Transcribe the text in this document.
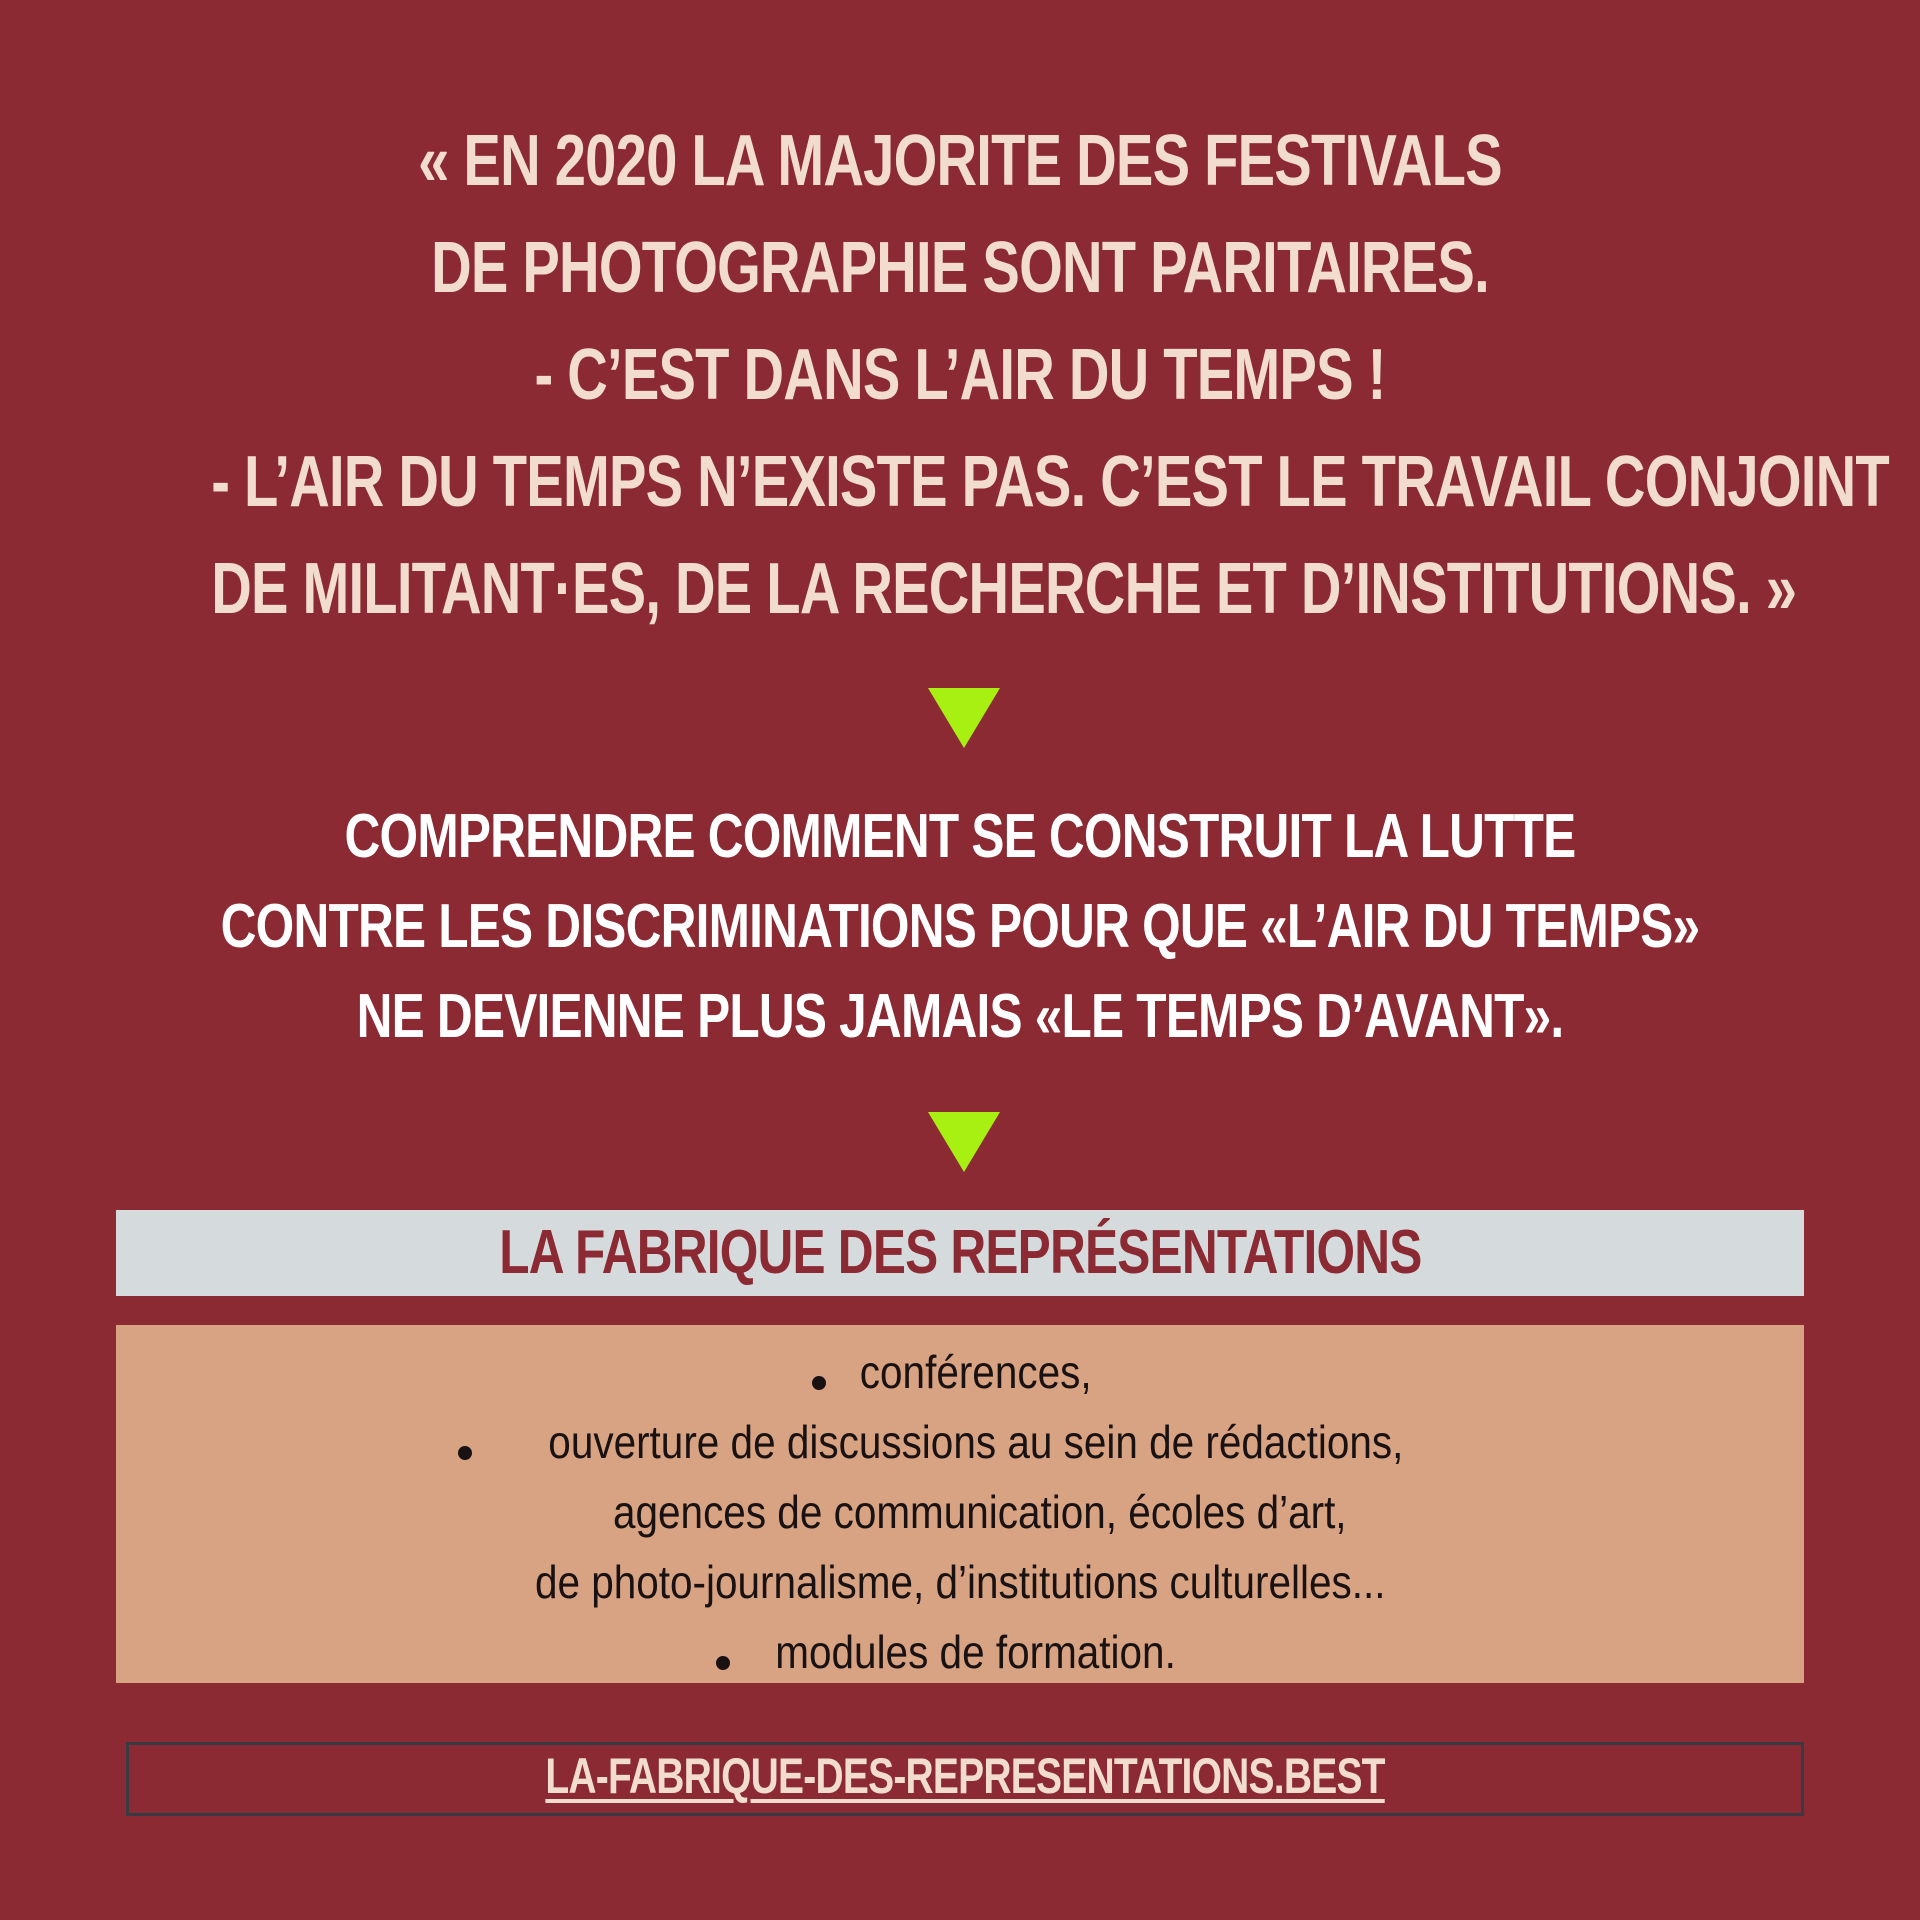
« EN 2020 LA MAJORITE DES FESTIVALS
DE PHOTOGRAPHIE SONT PARITAIRES.
- C’EST DANS L’AIR DU TEMPS !
- L’AIR DU TEMPS N’EXISTE PAS. C’EST LE TRAVAIL CONJOINT
DE MILITANT·ES, DE LA RECHERCHE ET D’INSTITUTIONS. »
COMPRENDRE COMMENT SE CONSTRUIT LA LUTTE
CONTRE LES DISCRIMINATIONS POUR QUE «L’AIR DU TEMPS»
NE DEVIENNE PLUS JAMAIS «LE TEMPS D’AVANT».
LA FABRIQUE DES REPRÉSENTATIONS
conférences,
ouverture de discussions au sein de rédactions,
agences de communication, écoles d’art,
de photo-journalisme, d’institutions culturelles...
modules de formation.
LA-FABRIQUE-DES-REPRESENTATIONS.BEST
